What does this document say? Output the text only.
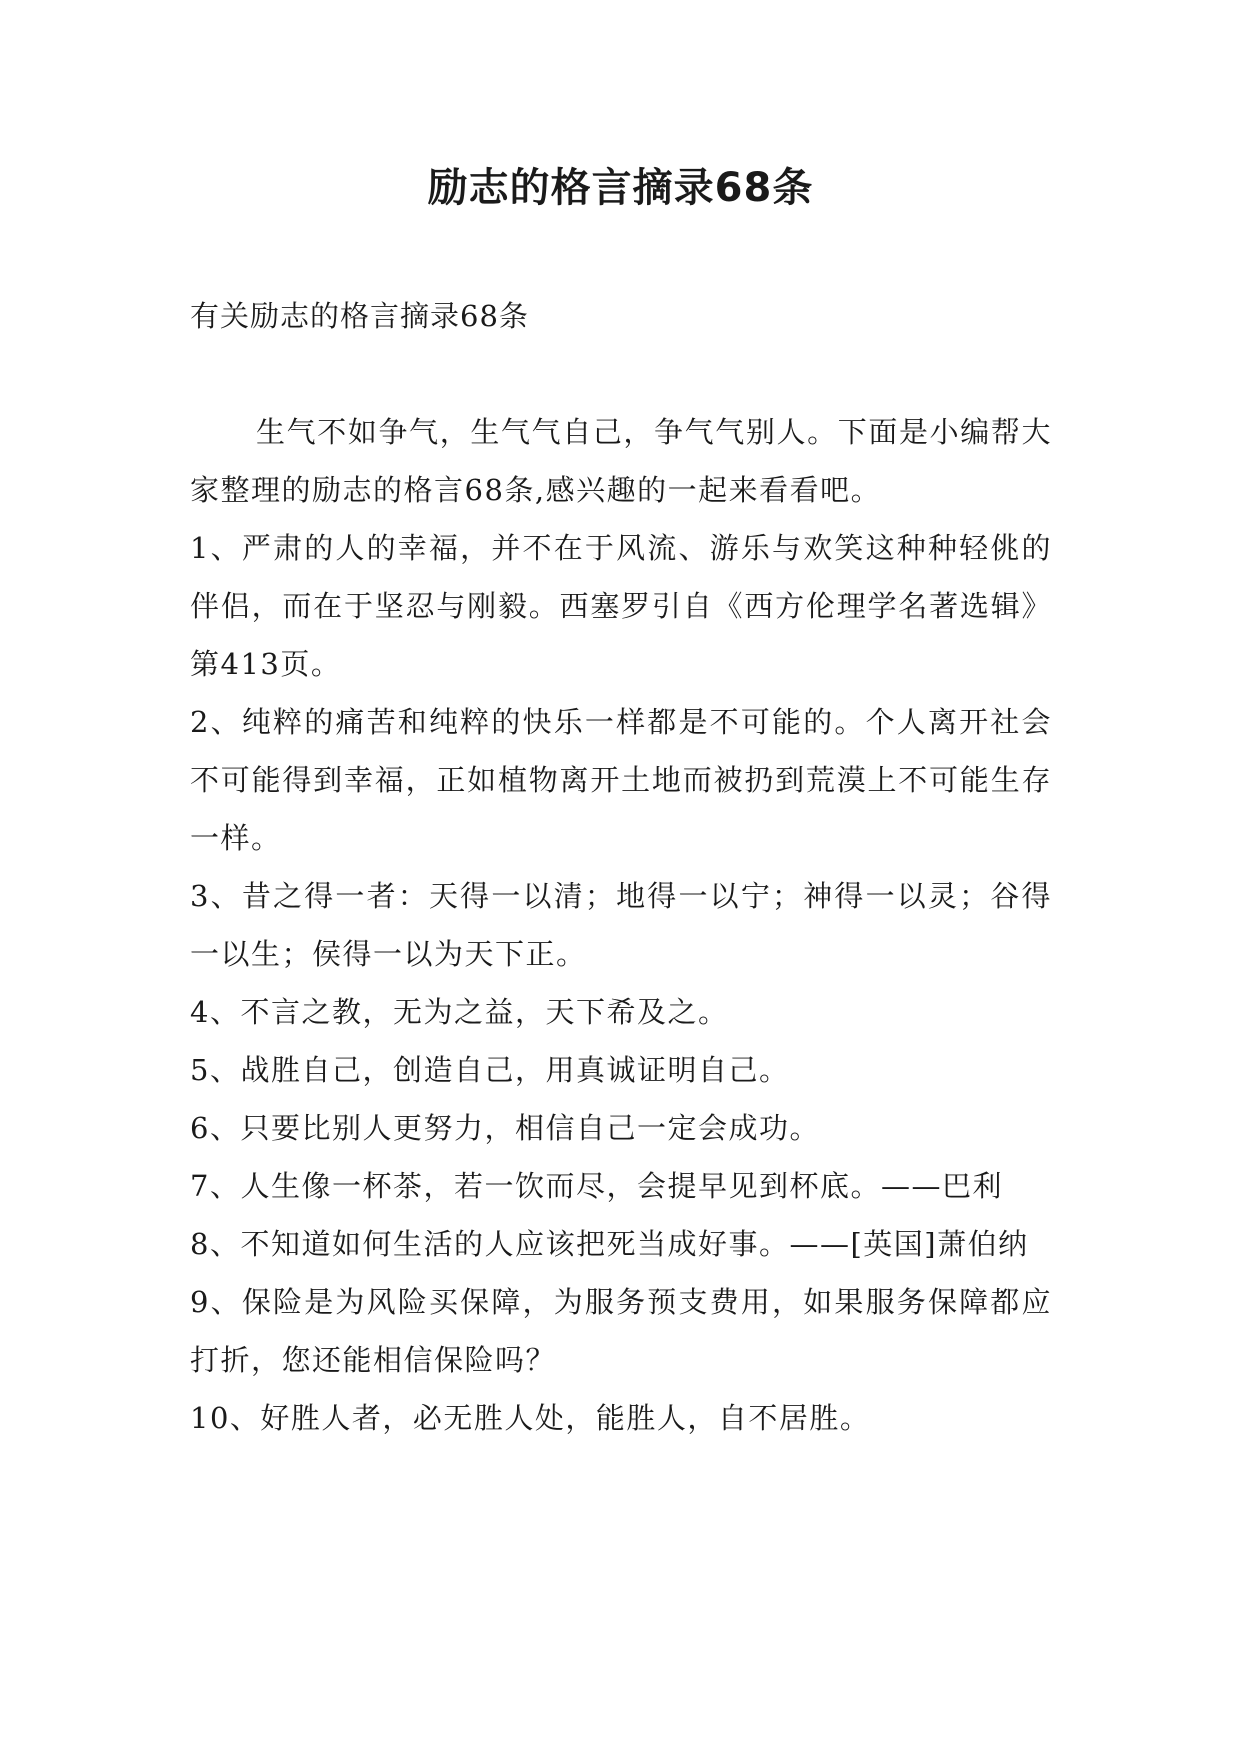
励志的格言摘录68条
有关励志的格言摘录68条

生气不如争气，生气气自己，争气气别人。下面是小编帮大家整理的励志的格言68条,感兴趣的一起来看看吧。

1、严肃的人的幸福，并不在于风流、游乐与欢笑这种种轻佻的伴侣，而在于坚忍与刚毅。西塞罗引自《西方伦理学名著选辑》第413页。

2、纯粹的痛苦和纯粹的快乐一样都是不可能的。个人离开社会不可能得到幸福，正如植物离开土地而被扔到荒漠上不可能生存一样。

3、昔之得一者：天得一以清；地得一以宁；神得一以灵；谷得一以生；侯得一以为天下正。

4、不言之教，无为之益，天下希及之。

5、战胜自己，创造自己，用真诚证明自己。

6、只要比别人更努力，相信自己一定会成功。

7、人生像一杯茶，若一饮而尽，会提早见到杯底。——巴利

8、不知道如何生活的人应该把死当成好事。——[英国]萧伯纳

9、保险是为风险买保障，为服务预支费用，如果服务保障都应打折，您还能相信保险吗？

10、好胜人者，必无胜人处，能胜人，自不居胜。
